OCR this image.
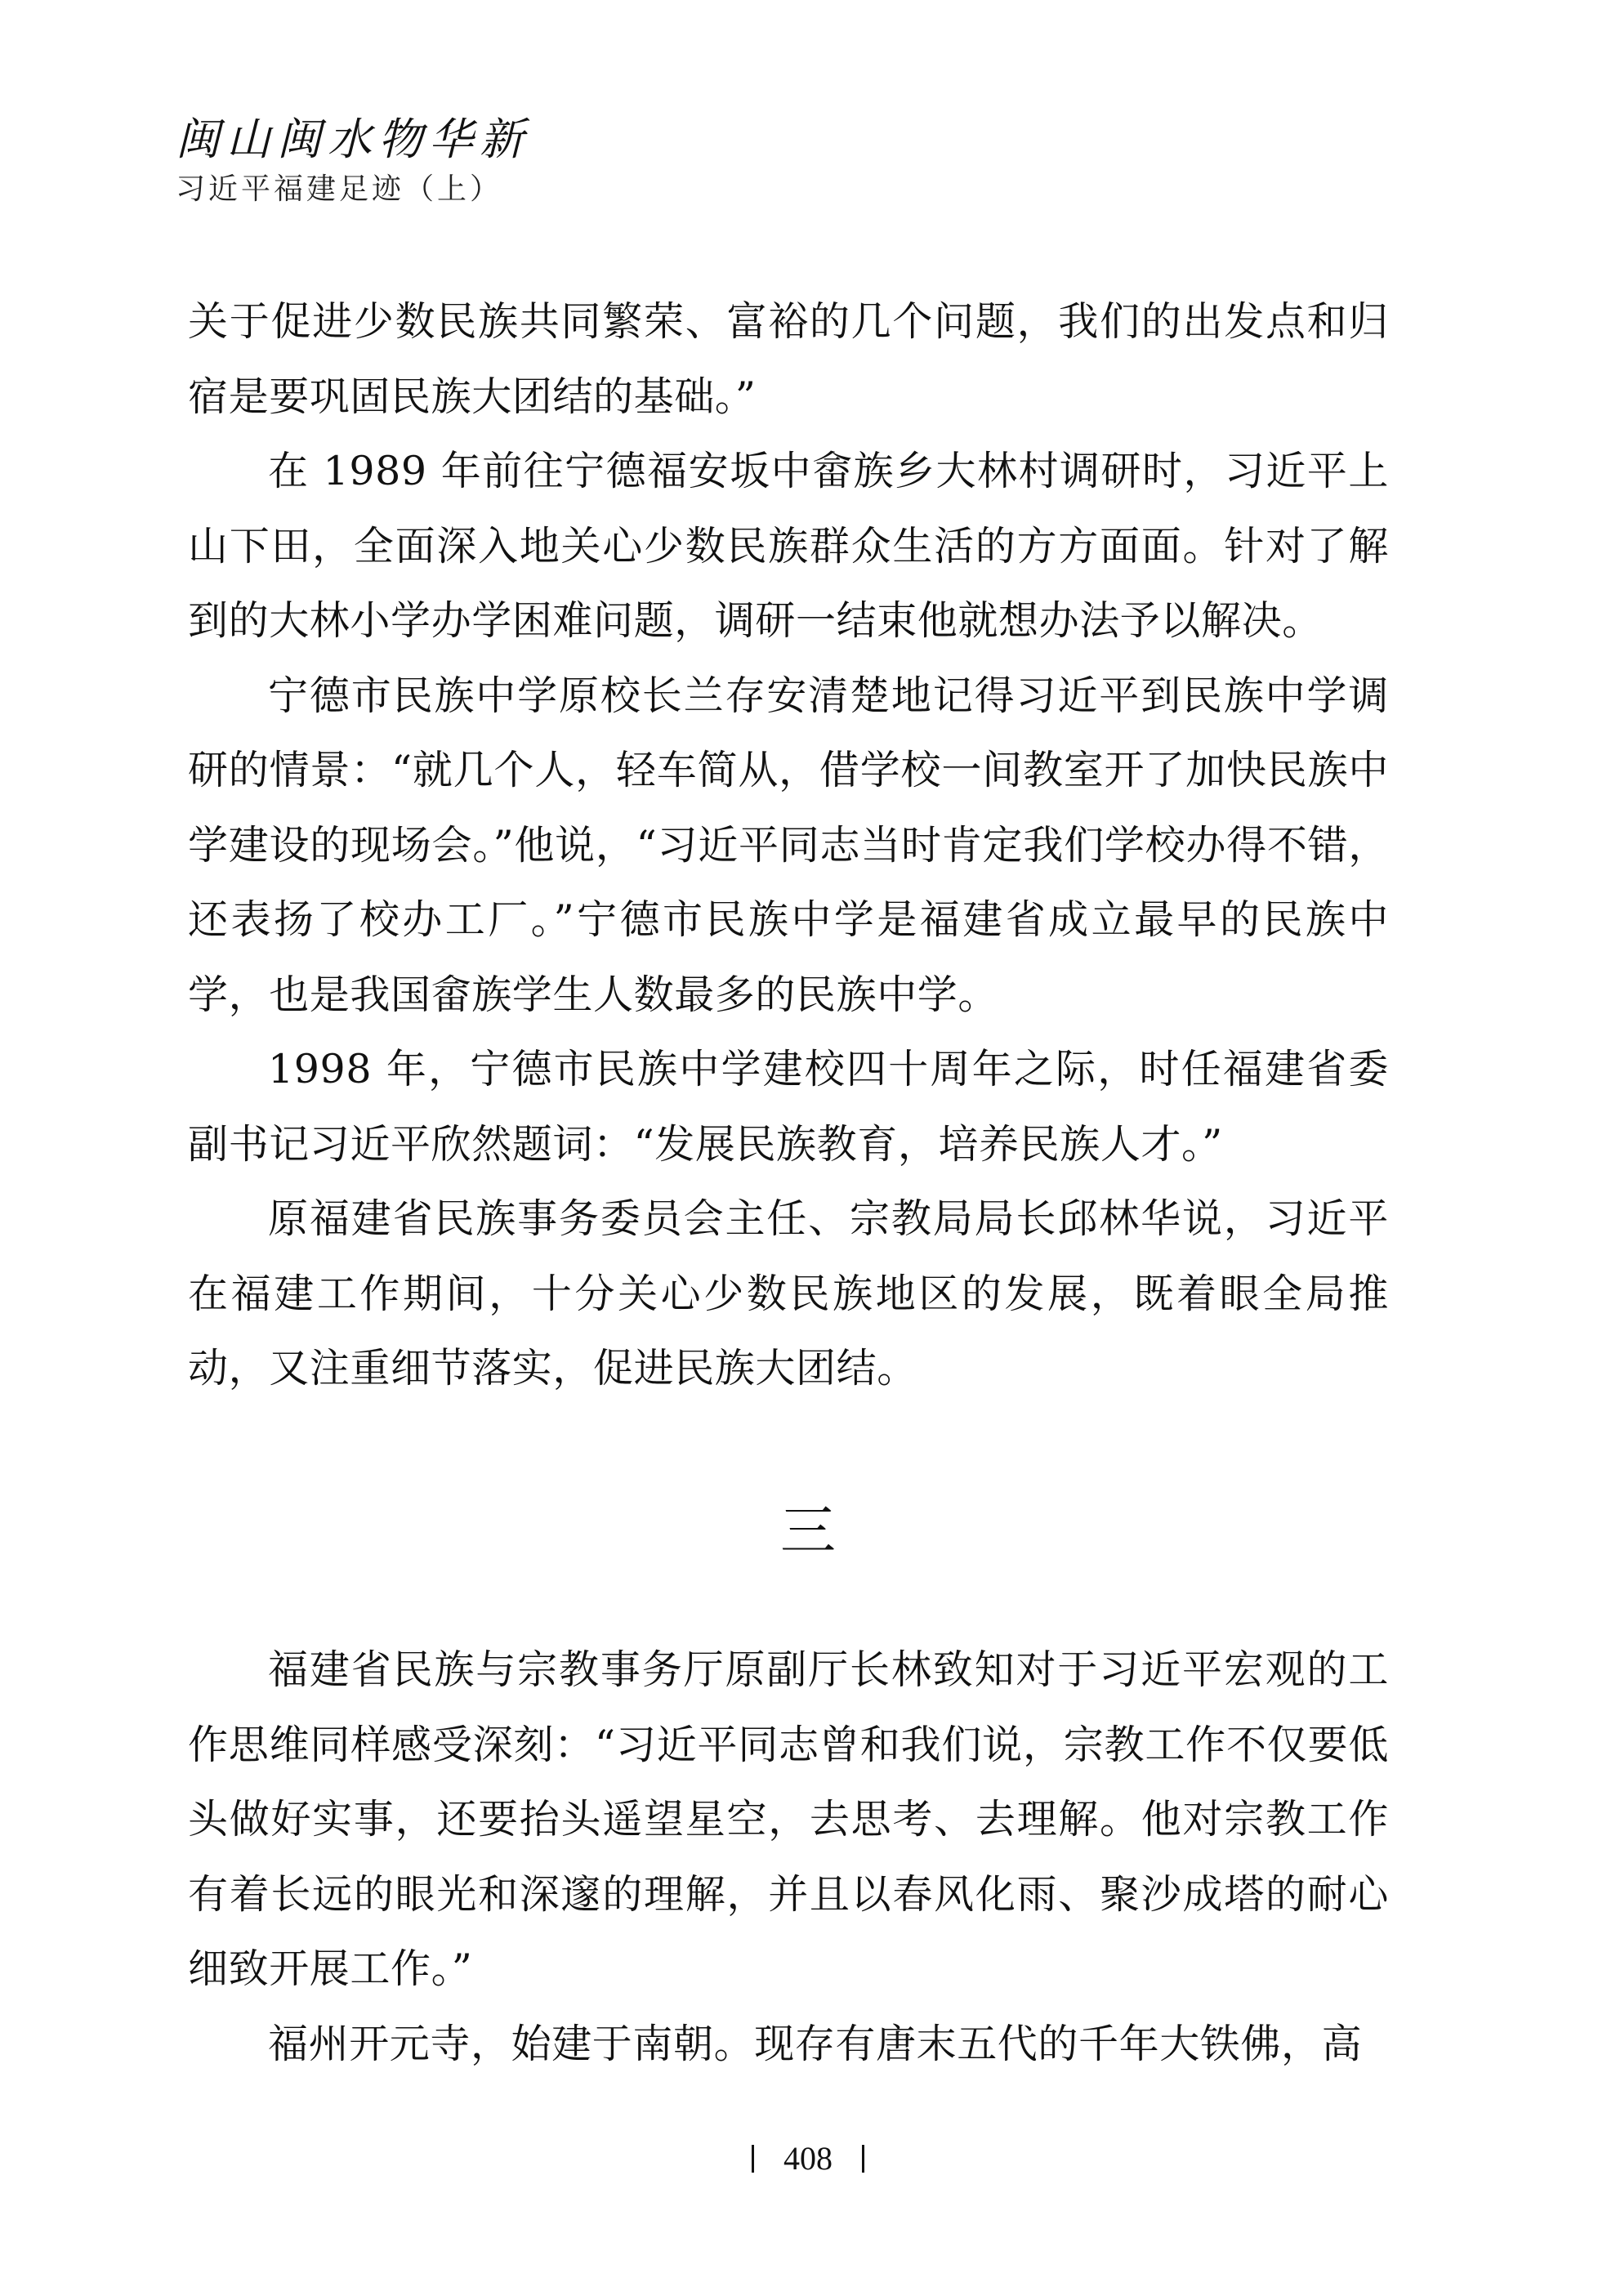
闽山闽水物华新
习近平福建足迹（上）

关于促进少数民族共同繁荣、富裕的几个问题，我们的出发点和归宿是要巩固民族大团结的基础。”

在 1989 年前往宁德福安坂中畲族乡大林村调研时，习近平上山下田，全面深入地关心少数民族群众生活的方方面面。针对了解到的大林小学办学困难问题，调研一结束他就想办法予以解决。

宁德市民族中学原校长兰存安清楚地记得习近平到民族中学调研的情景：“就几个人，轻车简从，借学校一间教室开了加快民族中学建设的现场会。”他说，“习近平同志当时肯定我们学校办得不错，还表扬了校办工厂。”宁德市民族中学是福建省成立最早的民族中学，也是我国畲族学生人数最多的民族中学。

1998 年，宁德市民族中学建校四十周年之际，时任福建省委副书记习近平欣然题词：“发展民族教育，培养民族人才。”

原福建省民族事务委员会主任、宗教局局长邱林华说，习近平在福建工作期间，十分关心少数民族地区的发展，既着眼全局推动，又注重细节落实，促进民族大团结。

三

福建省民族与宗教事务厅原副厅长林致知对于习近平宏观的工作思维同样感受深刻：“习近平同志曾和我们说，宗教工作不仅要低头做好实事，还要抬头遥望星空，去思考、去理解。他对宗教工作有着长远的眼光和深邃的理解，并且以春风化雨、聚沙成塔的耐心细致开展工作。”

福州开元寺，始建于南朝。现存有唐末五代的千年大铁佛，高

408
